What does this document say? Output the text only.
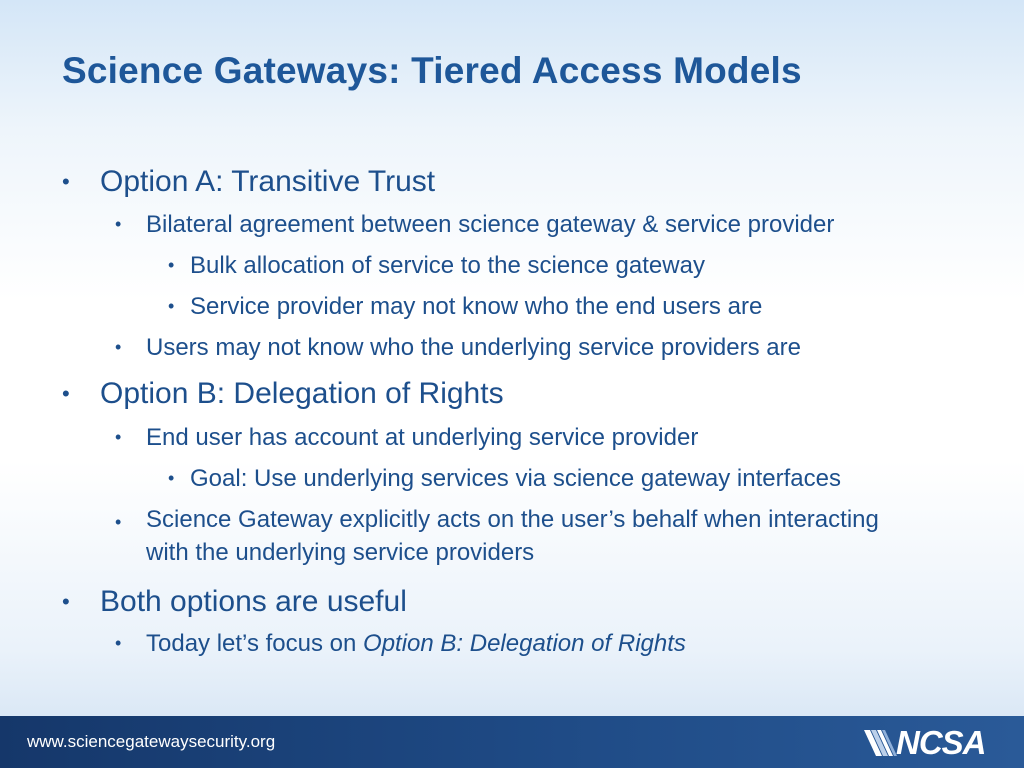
Science Gateways: Tiered Access Models
• Option A: Transitive Trust
• Bilateral agreement between science gateway & service provider
• Bulk allocation of service to the science gateway
• Service provider may not know who the end users are
• Users may not know who the underlying service providers are
• Option B: Delegation of Rights
• End user has account at underlying service provider
• Goal: Use underlying services via science gateway interfaces
• Science Gateway explicitly acts on the user’s behalf when interacting with the underlying service providers
• Both options are useful
• Today let’s focus on Option B: Delegation of Rights
www.sciencegatewaysecurity.org	NCSA
